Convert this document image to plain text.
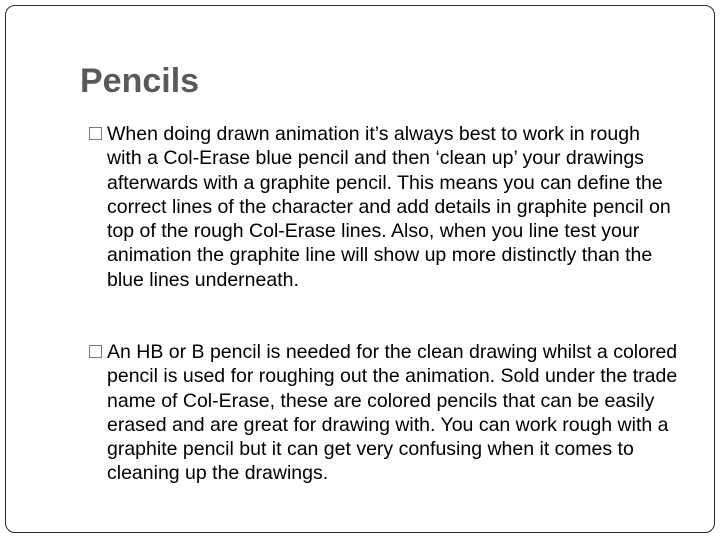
Pencils
When doing drawn animation it’s always best to work in rough with a Col-Erase blue pencil and then ‘clean up’ your drawings afterwards with a graphite pencil. This means you can define the correct lines of the character and add details in graphite pencil on top of the rough Col-Erase lines. Also, when you line test your animation the graphite line will show up more distinctly than the blue lines underneath.
An HB or B pencil is needed for the clean drawing whilst a colored pencil is used for roughing out the animation. Sold under the trade name of Col-Erase, these are colored pencils that can be easily erased and are great for drawing with. You can work rough with a graphite pencil but it can get very confusing when it comes to cleaning up the drawings.
